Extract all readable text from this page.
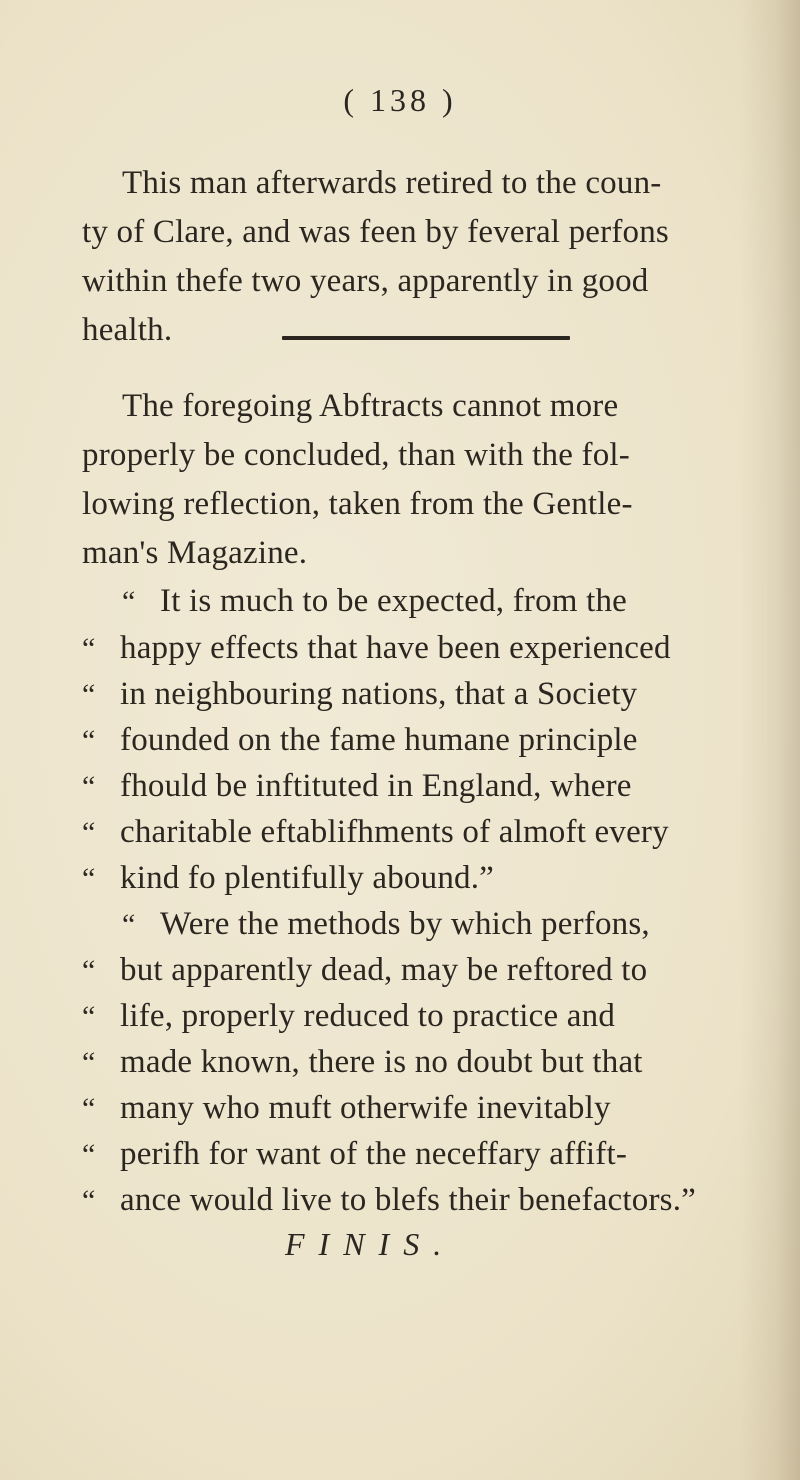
( 138 )
This man afterwards retired to the coun-
ty of Clare, and was feen by feveral perfons
within thefe two years, apparently in good
health.
The foregoing Abftracts cannot more
properly be concluded, than with the fol-
lowing reflection, taken from the Gentle-
man's Magazine.
“ It is much to be expected, from the
“ happy effects that have been experienced
“ in neighbouring nations, that a Society
“ founded on the fame humane principle
“ fhould be inftituted in England, where
“ charitable eftablifhments of almoft every
“ kind fo plentifully abound.”
“ Were the methods by which perfons,
“ but apparently dead, may be reftored to
“ life, properly reduced to practice and
“ made known, there is no doubt but that
“ many who muft otherwife inevitably
“ perifh for want of the neceffary affift-
“ ance would live to blefs their benefactors.”
FINIS.
